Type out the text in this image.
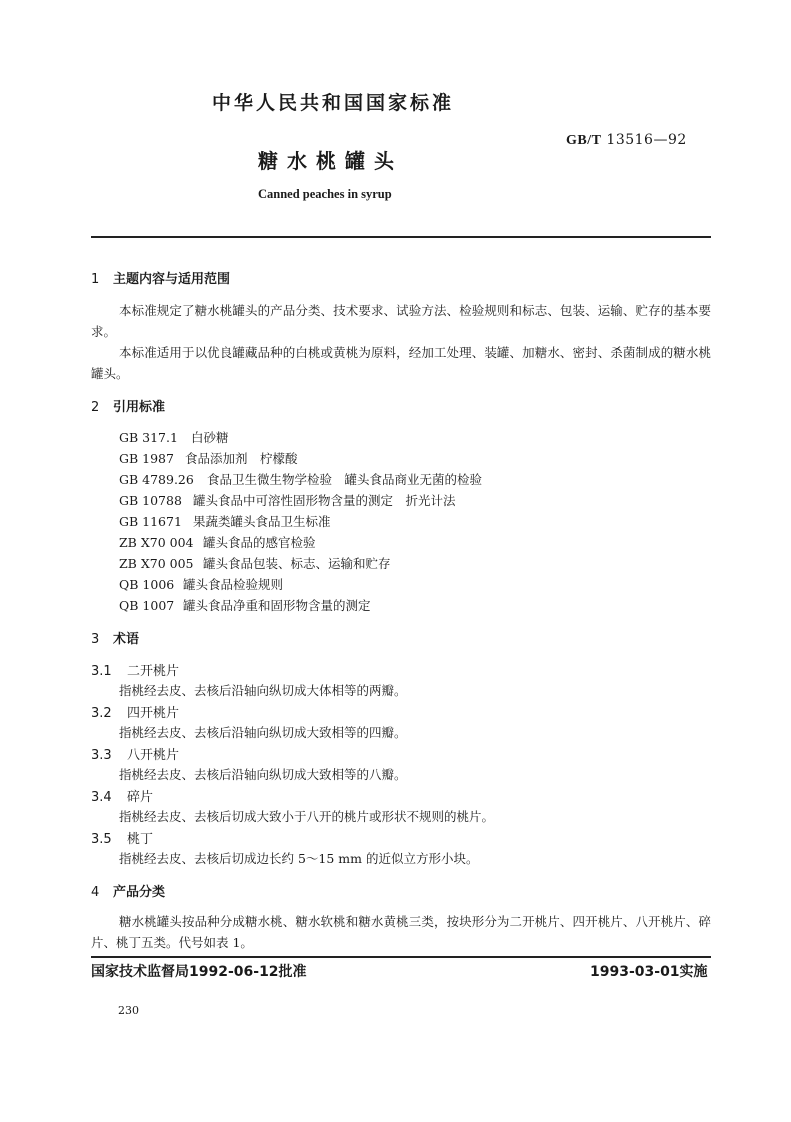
中华人民共和国国家标准
GB/T 13516—92
糖水桃罐头
Canned peaches in syrup
1 主题内容与适用范围
本标准规定了糖水桃罐头的产品分类、技术要求、试验方法、检验规则和标志、包装、运输、贮存的基本要求。
本标准适用于以优良罐藏品种的白桃或黄桃为原料，经加工处理、装罐、加糖水、密封、杀菌制成的糖水桃罐头。
2 引用标准
GB 317.1 白砂糖
GB 1987 食品添加剂　柠檬酸
GB 4789.26 食品卫生微生物学检验　罐头食品商业无菌的检验
GB 10788 罐头食品中可溶性固形物含量的测定　折光计法
GB 11671 果蔬类罐头食品卫生标准
ZB X70 004 罐头食品的感官检验
ZB X70 005 罐头食品包装、标志、运输和贮存
QB 1006 罐头食品检验规则
QB 1007 罐头食品净重和固形物含量的测定
3 术语
3.1 二开桃片
指桃经去皮、去核后沿轴向纵切成大体相等的两瓣。
3.2 四开桃片
指桃经去皮、去核后沿轴向纵切成大致相等的四瓣。
3.3 八开桃片
指桃经去皮、去核后沿轴向纵切成大致相等的八瓣。
3.4 碎片
指桃经去皮、去核后切成大致小于八开的桃片或形状不规则的桃片。
3.5 桃丁
指桃经去皮、去核后切成边长约 5～15 mm 的近似立方形小块。
4 产品分类
糖水桃罐头按品种分成糖水桃、糖水软桃和糖水黄桃三类，按块形分为二开桃片、四开桃片、八开桃片、碎片、桃丁五类。代号如表 1。
国家技术监督局1992-06-12批准	1993-03-01实施
230
